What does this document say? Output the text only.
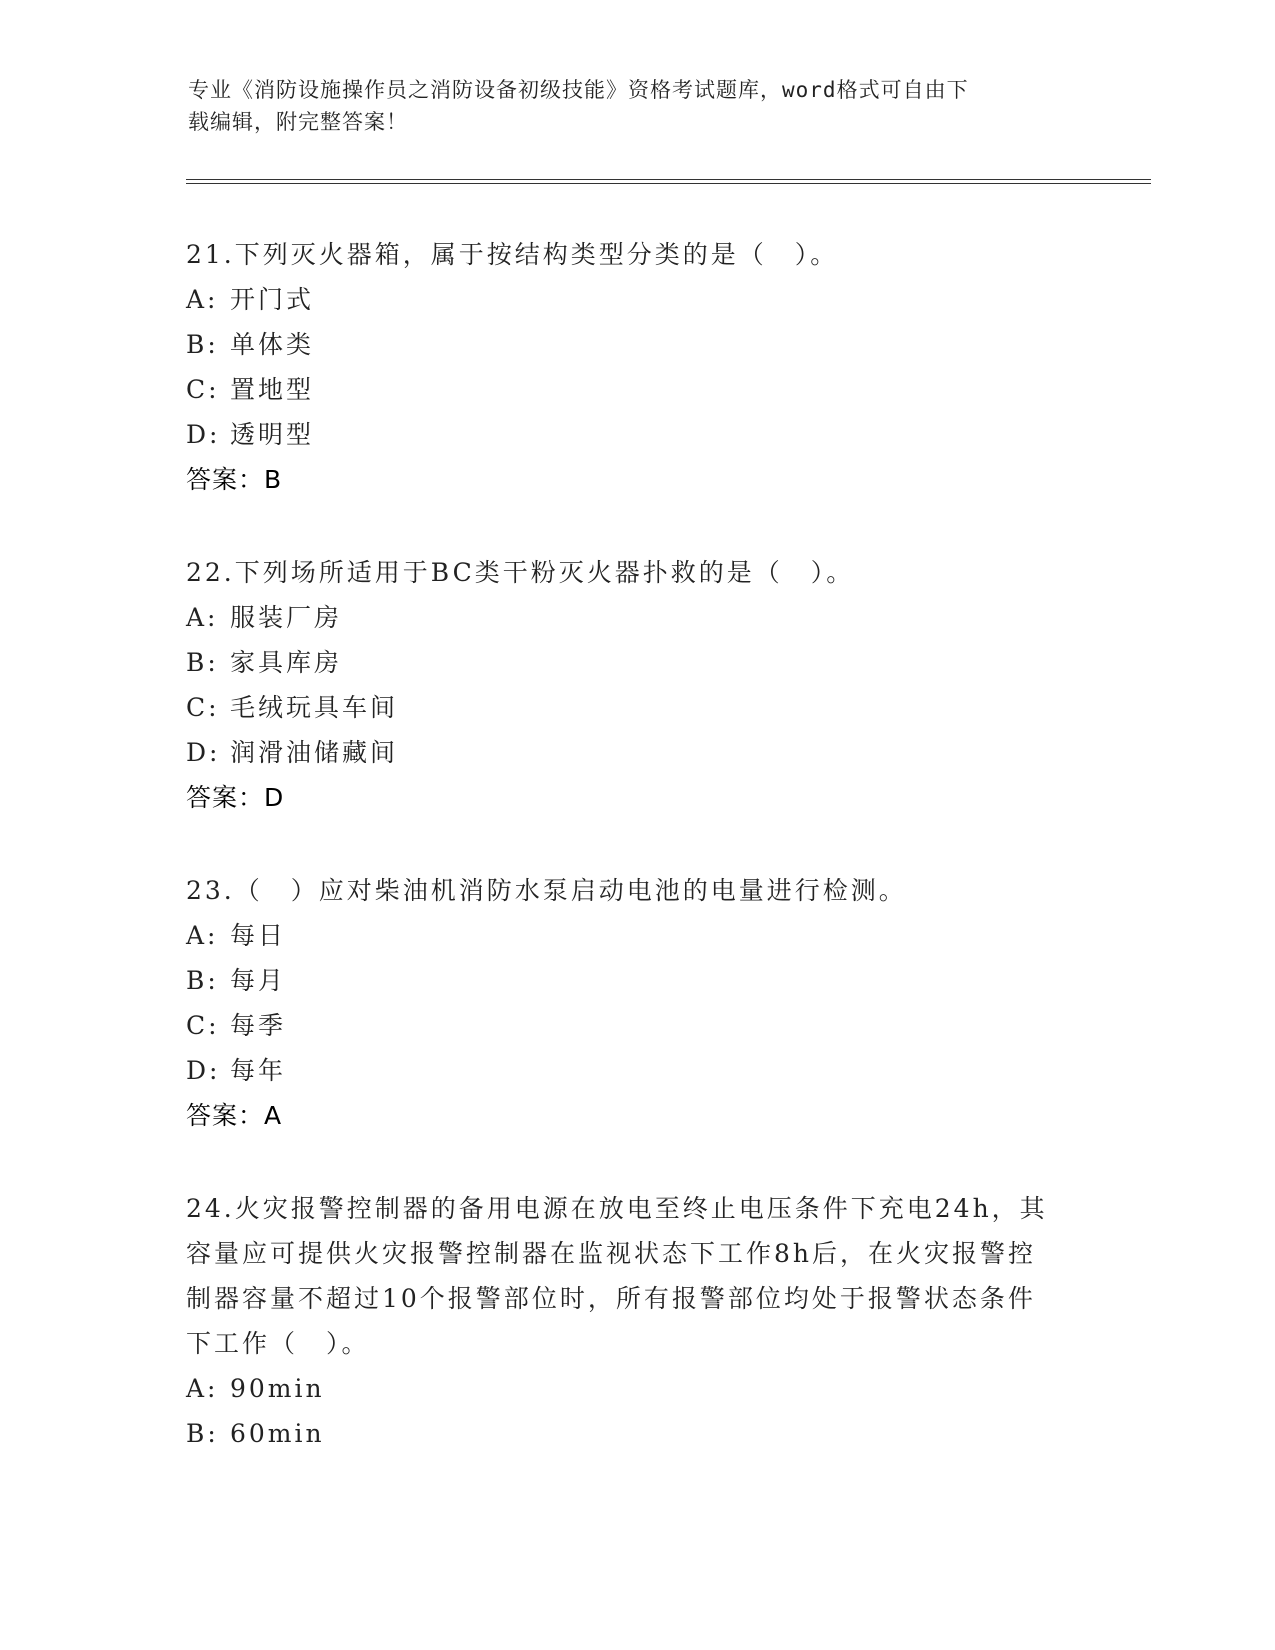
专业《消防设施操作员之消防设备初级技能》资格考试题库，word格式可自由下
载编辑，附完整答案！

21.下列灭火器箱，属于按结构类型分类的是（　）。

A: 开门式
B: 单体类
C: 置地型
D: 透明型
答案：B

22.下列场所适用于BC类干粉灭火器扑救的是（　）。

A: 服装厂房
B: 家具库房
C: 毛绒玩具车间
D: 润滑油储藏间
答案：D

23.（　）应对柴油机消防水泵启动电池的电量进行检测。

A: 每日
B: 每月
C: 每季
D: 每年
答案：A
24.火灾报警控制器的备用电源在放电至终止电压条件下充电24h，其
容量应可提供火灾报警控制器在监视状态下工作8h后，在火灾报警控
制器容量不超过10个报警部位时，所有报警部位均处于报警状态条件
下工作（　）。
A: 90min
B: 60min
